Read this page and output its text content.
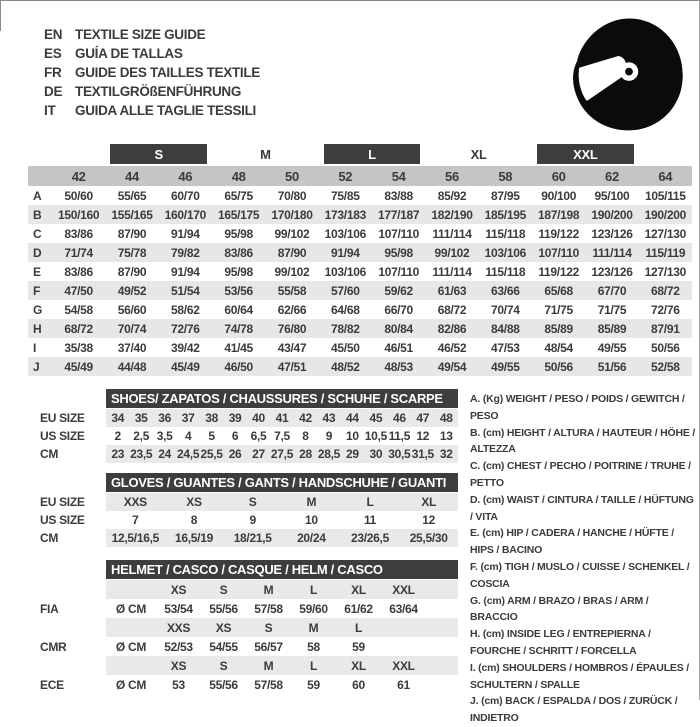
EN TEXTILE SIZE GUIDE
ES	GUÍA DE TALLAS
FR	GUIDE DES TAILLES TEXTILE
DE TEXTILGRÖßENFÜHRUNG
IT	GUIDA ALLE TAGLIE TESSILI
S	M	L	XL	XXL
42	44	46	48	50	52	54	56	58	60	62	64
A	50/60	55/65	60/70	65/75	70/80	75/85	83/88	85/92	87/95	90/100	95/100	105/115
B	150/160	155/165	160/170	165/175	170/180	173/183	177/187	182/190	185/195	187/198	190/200	190/200
C	83/86	87/90	91/94	95/98	99/102	103/106	107/110	111/114	115/118	119/122	123/126	127/130
D	71/74	75/78	79/82	83/86	87/90	91/94	95/98	99/102	103/106	107/110	111/114	115/119
E	83/86	87/90	91/94	95/98	99/102	103/106	107/110	111/114	115/118	119/122	123/126	127/130
F	47/50	49/52	51/54	53/56	55/58	57/60	59/62	61/63	63/66	65/68	67/70	68/72
G	54/58	56/60	58/62	60/64	62/66	64/68	66/70	68/72	70/74	71/75	71/75	72/76
H	68/72	70/74	72/76	74/78	76/80	78/82	80/84	82/86	84/88	85/89	85/89	87/91
I	35/38	37/40	39/42	41/45	43/47	45/50	46/51	46/52	47/53	48/54	49/55	50/56
J	45/49	44/48	45/49	46/50	47/51	48/52	48/53	49/54	49/55	50/56	51/56	52/58
SHOES/ ZAPATOS / CHAUSSURES / SCHUHE / SCARPE
EU SIZE	34 35 36 37 38 39 40 41 42 43 44 45 46 47 48
US SIZE	2	2,5 3,5	4	5	6	6,5 7,5	8	9	10 10,5 11,5 12 13
CM	23 23,5 24 24,5 25,5 26 27 27,5 28 28,5 29 30 30,5 31,5 32
GLOVES / GUANTES / GANTS / HANDSCHUHE / GUANTI
EU SIZE	XXS	XS	S	M	L	XL
US SIZE	7	8	9	10	11	12
CM	12,5/16,5	16,5/19	18/21,5	20/24	23/26,5	25,5/30
HELMET / CASCO / CASQUE / HELM / CASCO
XS	S	M	L	XL	XXL
FIA	Ø CM	53/54	55/56	57/58	59/60	61/62	63/64
XXS	XS	S	M	L
CMR	Ø CM	52/53	54/55	56/57	58	59
XS	S	M	L	XL	XXL
ECE	Ø CM	53	55/56	57/58	59	60	61
A. (Kg) WEIGHT / PESO / POIDS / GEWITCH / PESO
B. (cm) HEIGHT / ALTURA / HAUTEUR / HÖHE / ALTEZZA
C. (cm) CHEST / PECHO / POITRINE / TRUHE / PETTO
D. (cm) WAIST / CINTURA / TAILLE / HÜFTUNG / VITA
E. (cm) HIP / CADERA / HANCHE / HÜFTE / HIPS / BACINO
F. (cm) TIGH / MUSLO / CUISSE / SCHENKEL / COSCIA
G. (cm) ARM / BRAZO / BRAS / ARM / BRACCIO
H. (cm) INSIDE LEG / ENTREPIERNA / FOURCHE / SCHRITT / FORCELLA
I. (cm) SHOULDERS / HOMBROS / ÉPAULES / SCHULTERN / SPALLE
J. (cm) BACK / ESPALDA / DOS / ZURÜCK / INDIETRO
